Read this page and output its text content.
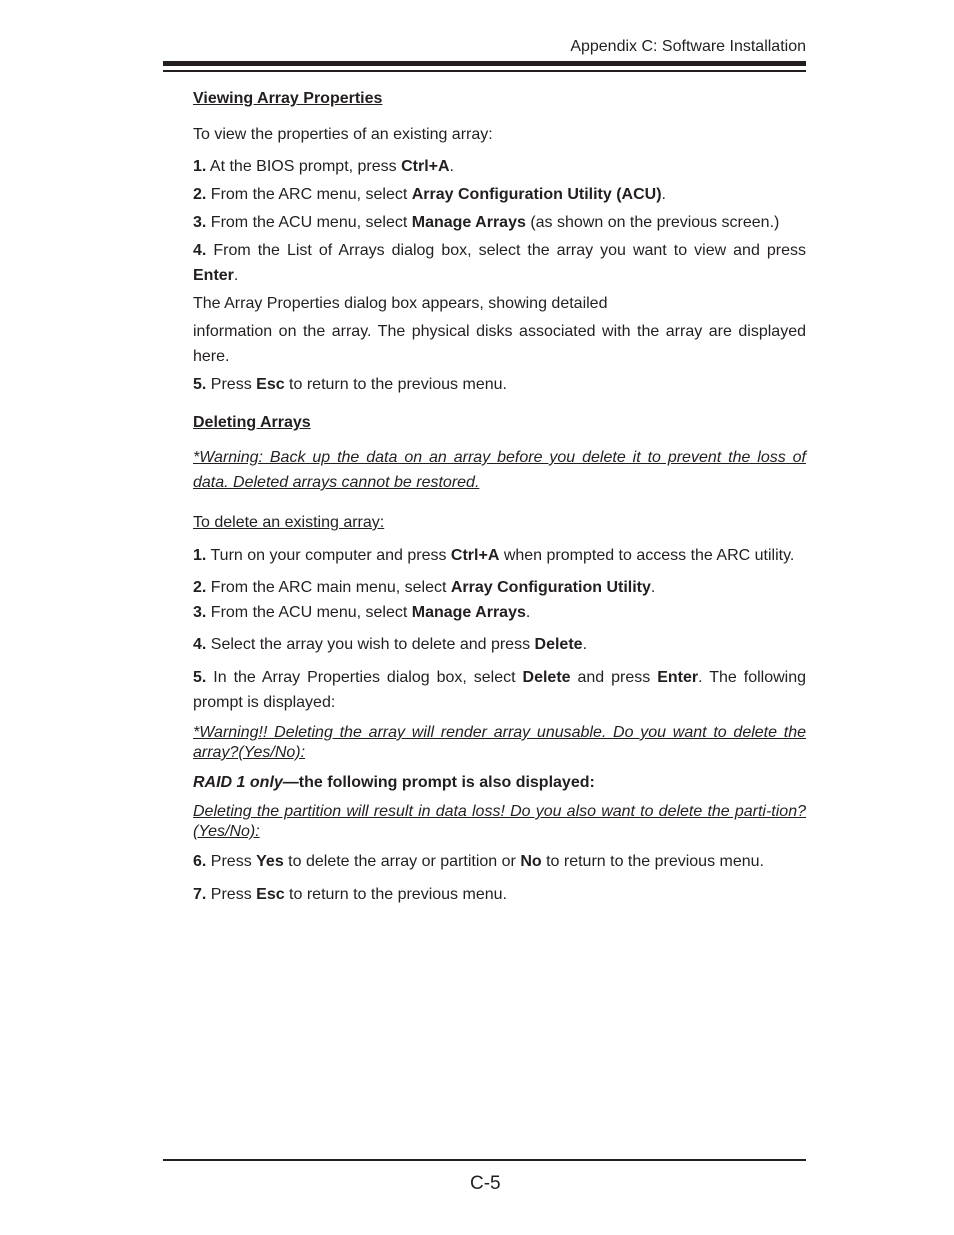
Appendix C: Software Installation

Viewing Array Properties

To view the properties of an existing array:

1. At the BIOS prompt, press Ctrl+A.

2. From the ARC menu, select Array Configuration Utility (ACU).

3. From the ACU menu, select Manage Arrays (as shown on the previous screen.)

4. From the List of Arrays dialog box, select the array you want to view and press Enter.

The Array Properties dialog box appears, showing detailed

information on the array. The physical disks associated with the array are displayed here.

5. Press Esc to return to the previous menu.

Deleting Arrays

*Warning: Back up the data on an array before you delete it to prevent the loss of data. Deleted arrays cannot be restored.

To delete an existing array:

1. Turn on your computer and press Ctrl+A when prompted to access the ARC utility.

2. From the ARC main menu, select Array Configuration Utility.

3. From the ACU menu, select Manage Arrays.

4. Select the array you wish to delete and press Delete.

5. In the Array Properties dialog box, select Delete and press Enter. The following prompt is displayed:

*Warning!! Deleting the array will render array unusable. Do you want to delete the array?(Yes/No):

RAID 1 only—the following prompt is also displayed:

Deleting the partition will result in data loss! Do you also want to delete the parti-tion? (Yes/No):

6. Press Yes to delete the array or partition or No to return to the previous menu.

7. Press Esc to return to the previous menu.

C-5
